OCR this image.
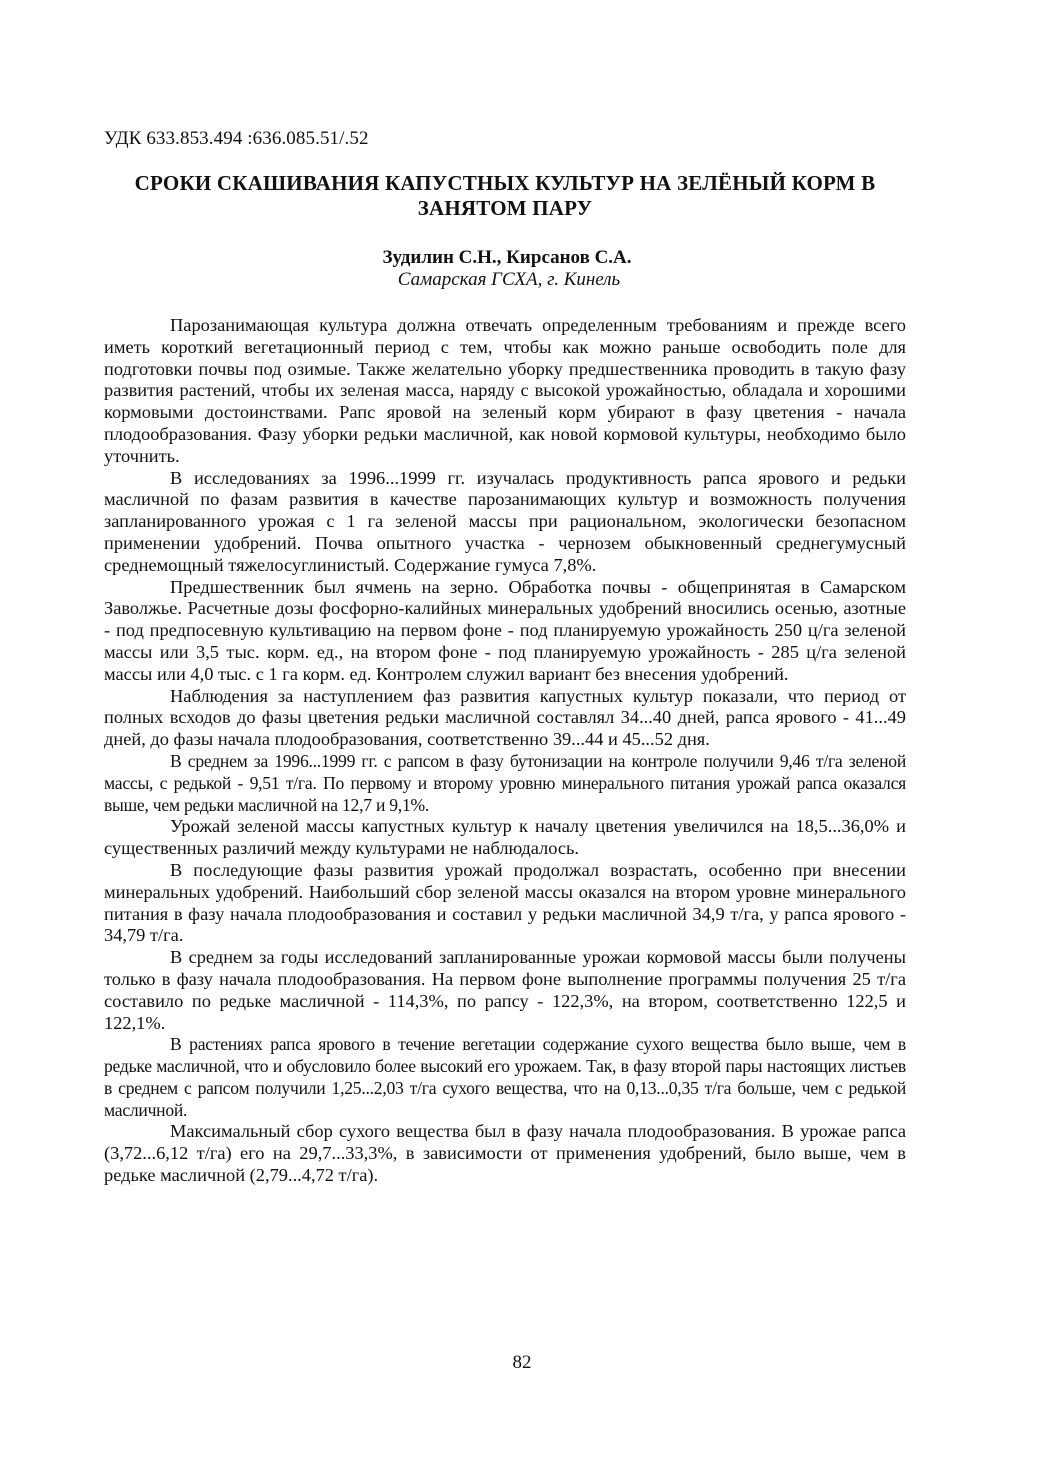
УДК 633.853.494 :636.085.51/.52

СРОКИ СКАШИВАНИЯ КАПУСТНЫХ КУЛЬТУР НА ЗЕЛЁНЫЙ КОРМ В ЗАНЯТОМ ПАРУ

Зудилин С.Н., Кирсанов С.А.

Самарская ГСХА, г. Кинель

Парозанимающая культура должна отвечать определенным требованиям и прежде всего иметь короткий вегетационный период с тем, чтобы как можно раньше освободить поле для подготовки почвы под озимые. Также желательно уборку предшественника проводить в такую фазу развития растений, чтобы их зеленая масса, наряду с высокой урожайностью, обладала и хорошими кормовыми достоинствами. Рапс яровой на зеленый корм убирают в фазу цветения - начала плодообразования. Фазу уборки редьки масличной, как новой кормовой культуры, необходимо было уточнить.

В исследованиях за 1996...1999 гг. изучалась продуктивность рапса ярового и редьки масличной по фазам развития в качестве парозанимающих культур и возможность получения запланированного урожая с 1 га зеленой массы при рациональном, экологически безопасном применении удобрений. Почва опытного участка - чернозем обыкновенный среднегумусный среднемощный тяжелосуглинистый. Содержание гумуса 7,8%.

Предшественник был ячмень на зерно. Обработка почвы - общепринятая в Самарском Заволжье. Расчетные дозы фосфорно-калийных минеральных удобрений вносились осенью, азотные - под предпосевную культивацию на первом фоне - под планируемую урожайность 250 ц/га зеленой массы или 3,5 тыс. корм. ед., на втором фоне - под планируемую урожайность - 285 ц/га зеленой массы или 4,0 тыс. с 1 га корм. ед. Контролем служил вариант без внесения удобрений.

Наблюдения за наступлением фаз развития капустных культур показали, что период от полных всходов до фазы цветения редьки масличной составлял 34...40 дней, рапса ярового - 41...49 дней, до фазы начала плодообразования, соответственно 39...44 и 45...52 дня.

В среднем за 1996...1999 гг. с рапсом в фазу бутонизации на контроле получили 9,46 т/га зеленой массы, с редькой - 9,51 т/га. По первому и второму уровню минерального питания урожай рапса оказался выше, чем редьки масличной на 12,7 и 9,1%.

Урожай зеленой массы капустных культур к началу цветения увеличился на 18,5...36,0% и существенных различий между культурами не наблюдалось.

В последующие фазы развития урожай продолжал возрастать, особенно при внесении минеральных удобрений. Наибольший сбор зеленой массы оказался на втором уровне минерального питания в фазу начала плодообразования и составил у редьки масличной 34,9 т/га, у рапса ярового - 34,79 т/га.

В среднем за годы исследований запланированные урожаи кормовой массы были получены только в фазу начала плодообразования. На первом фоне выполнение программы получения 25 т/га составило по редьке масличной - 114,3%, по рапсу - 122,3%, на втором, соответственно 122,5 и 122,1%.

В растениях рапса ярового в течение вегетации содержание сухого вещества было выше, чем в редьке масличной, что и обусловило более высокий его урожаем. Так, в фазу второй пары настоящих листьев в среднем с рапсом получили 1,25...2,03 т/га сухого вещества, что на 0,13...0,35 т/га больше, чем с редькой масличной.

Максимальный сбор сухого вещества был в фазу начала плодообразования. В урожае рапса (3,72...6,12 т/га) его на 29,7...33,3%, в зависимости от применения удобрений, было выше, чем в редьке масличной (2,79...4,72 т/га).

82
